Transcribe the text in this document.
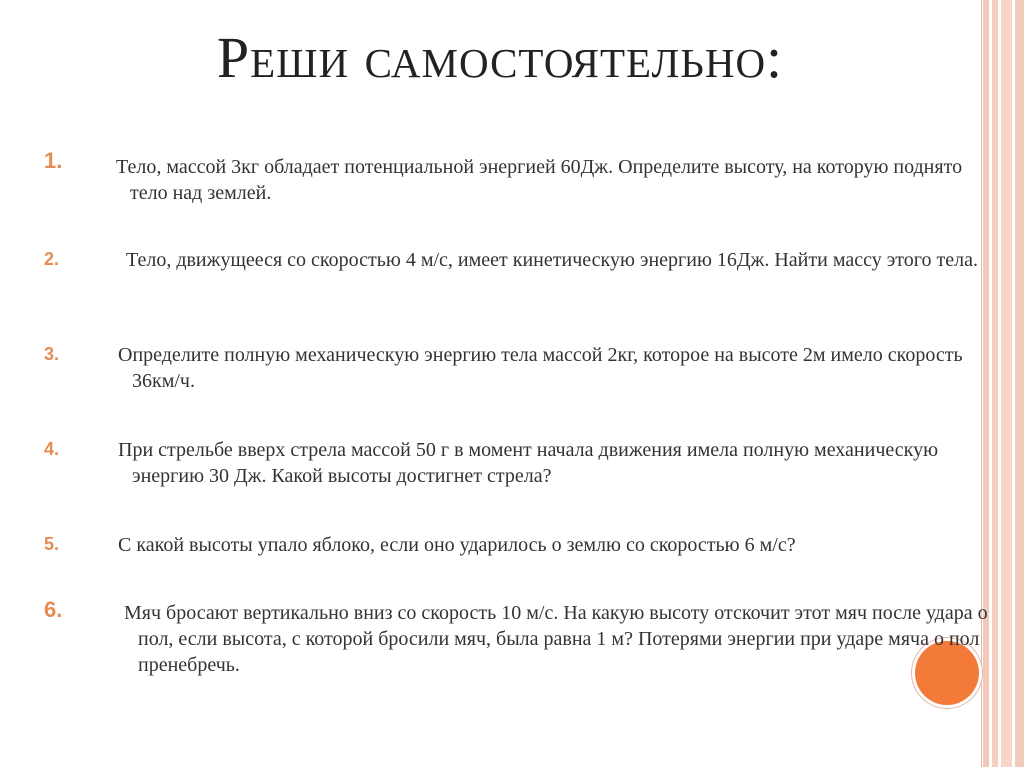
Реши самостоятельно:
1.	Тело, массой 3кг обладает потенциальной энергией 60Дж. Определите высоту, на которую поднято тело над землей.
2.	Тело, движущееся со скоростью 4 м/с, имеет кинетическую энергию 16Дж. Найти массу этого тела.
3.	Определите полную механическую энергию тела массой 2кг, которое на высоте 2м имело скорость 36км/ч.
4.	При стрельбе вверх стрела массой 50 г в момент начала движения имела полную механическую энергию 30 Дж. Какой высоты достигнет стрела?
5.	С какой высоты упало яблоко, если оно ударилось о землю со скоростью 6 м/с?
6.	Мяч бросают вертикально вниз со скорость 10 м/с. На какую высоту отскочит этот мяч после удара о пол, если высота, с которой бросили мяч, была равна 1 м? Потерями энергии при ударе мяча о пол пренебречь.
